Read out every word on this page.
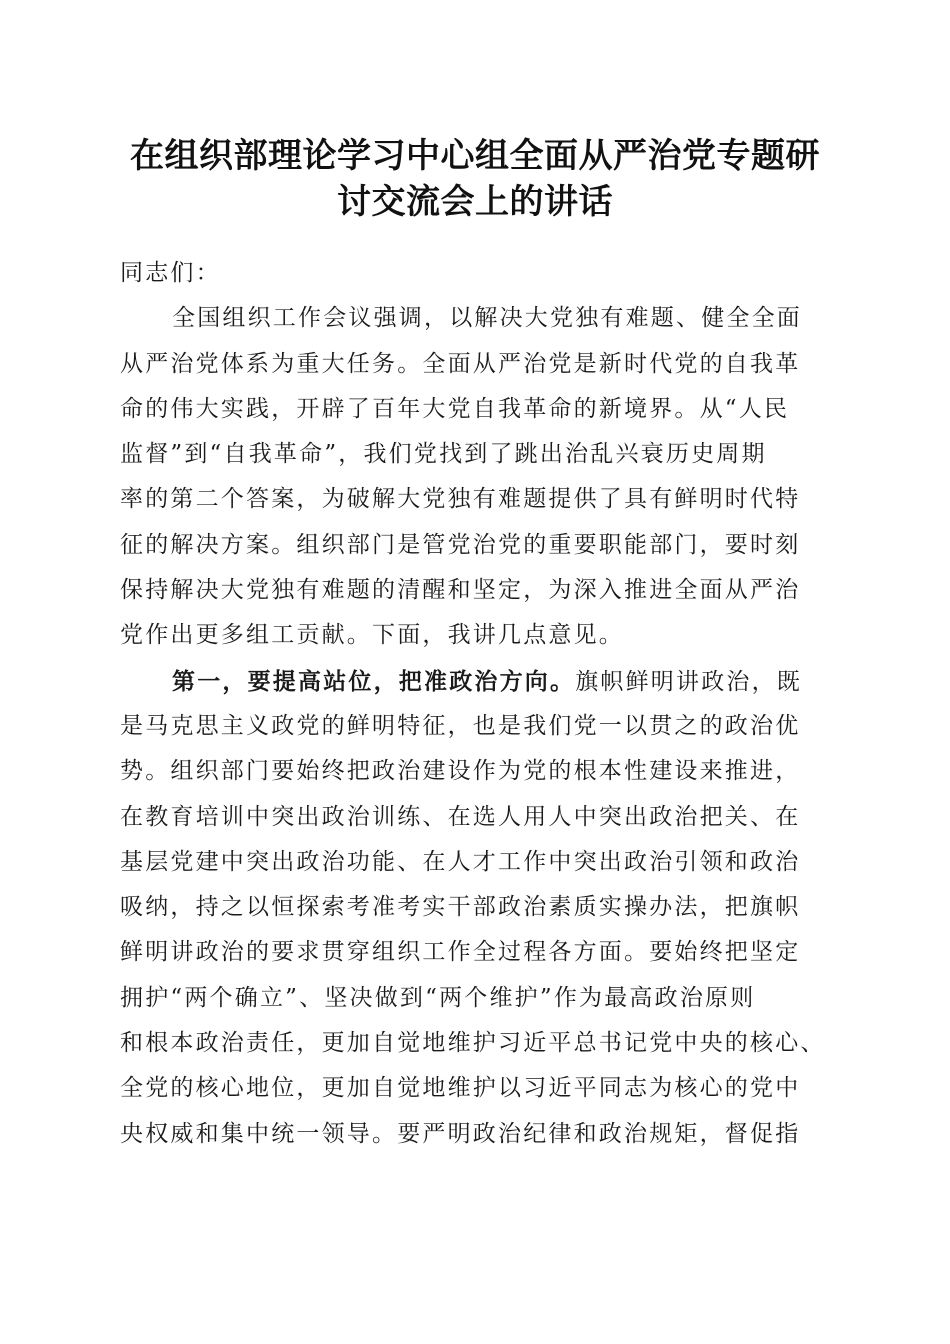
在组织部理论学习中心组全面从严治党专题研
讨交流会上的讲话
同志们：
全国组织工作会议强调，以解决大党独有难题、健全全面
从严治党体系为重大任务。全面从严治党是新时代党的自我革
命的伟大实践，开辟了百年大党自我革命的新境界。从“人民
监督”到“自我革命”，我们党找到了跳出治乱兴衰历史周期
率的第二个答案，为破解大党独有难题提供了具有鲜明时代特
征的解决方案。组织部门是管党治党的重要职能部门，要时刻
保持解决大党独有难题的清醒和坚定，为深入推进全面从严治
党作出更多组工贡献。下面，我讲几点意见。
第一，要提高站位，把准政治方向。旗帜鲜明讲政治，既
是马克思主义政党的鲜明特征，也是我们党一以贯之的政治优
势。组织部门要始终把政治建设作为党的根本性建设来推进，
在教育培训中突出政治训练、在选人用人中突出政治把关、在
基层党建中突出政治功能、在人才工作中突出政治引领和政治
吸纳，持之以恒探索考准考实干部政治素质实操办法，把旗帜
鲜明讲政治的要求贯穿组织工作全过程各方面。要始终把坚定
拥护“两个确立”、坚决做到“两个维护”作为最高政治原则
和根本政治责任，更加自觉地维护习近平总书记党中央的核心、
全党的核心地位，更加自觉地维护以习近平同志为核心的党中
央权威和集中统一领导。要严明政治纪律和政治规矩，督促指
